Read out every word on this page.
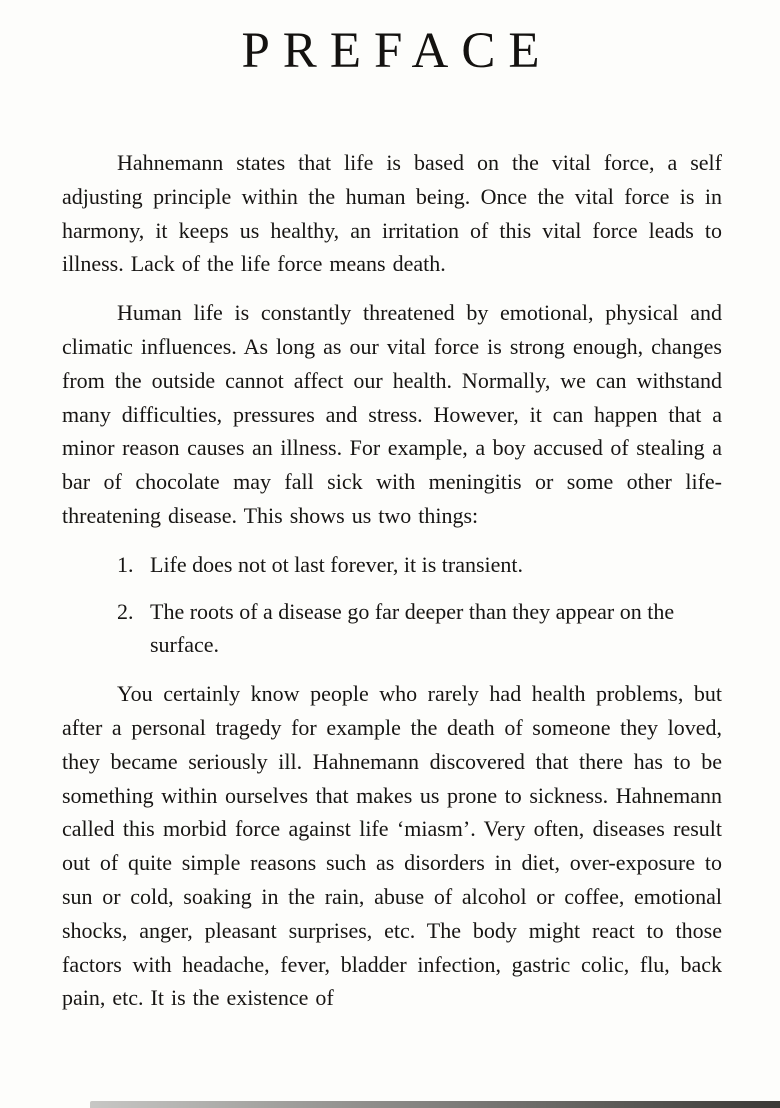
PREFACE

Hahnemann states that life is based on the vital force, a self adjusting principle within the human being. Once the vital force is in harmony, it keeps us healthy, an irritation of this vital force leads to illness. Lack of the life force means death.

Human life is constantly threatened by emotional, physical and climatic influences. As long as our vital force is strong enough, changes from the outside cannot affect our health. Normally, we can withstand many difficulties, pressures and stress. However, it can happen that a minor reason causes an illness. For example, a boy accused of stealing a bar of chocolate may fall sick with meningitis or some other life-threatening disease. This shows us two things:

1. Life does not ot last forever, it is transient.
2. The roots of a disease go far deeper than they appear on the surface.

You certainly know people who rarely had health problems, but after a personal tragedy for example the death of someone they loved, they became seriously ill. Hahnemann discovered that there has to be something within ourselves that makes us prone to sickness. Hahnemann called this morbid force against life ‘miasm’. Very often, diseases result out of quite simple reasons such as disorders in diet, over-exposure to sun or cold, soaking in the rain, abuse of alcohol or coffee, emotional shocks, anger, pleasant surprises, etc. The body might react to those factors with headache, fever, bladder infection, gastric colic, flu, back pain, etc. It is the existence of
